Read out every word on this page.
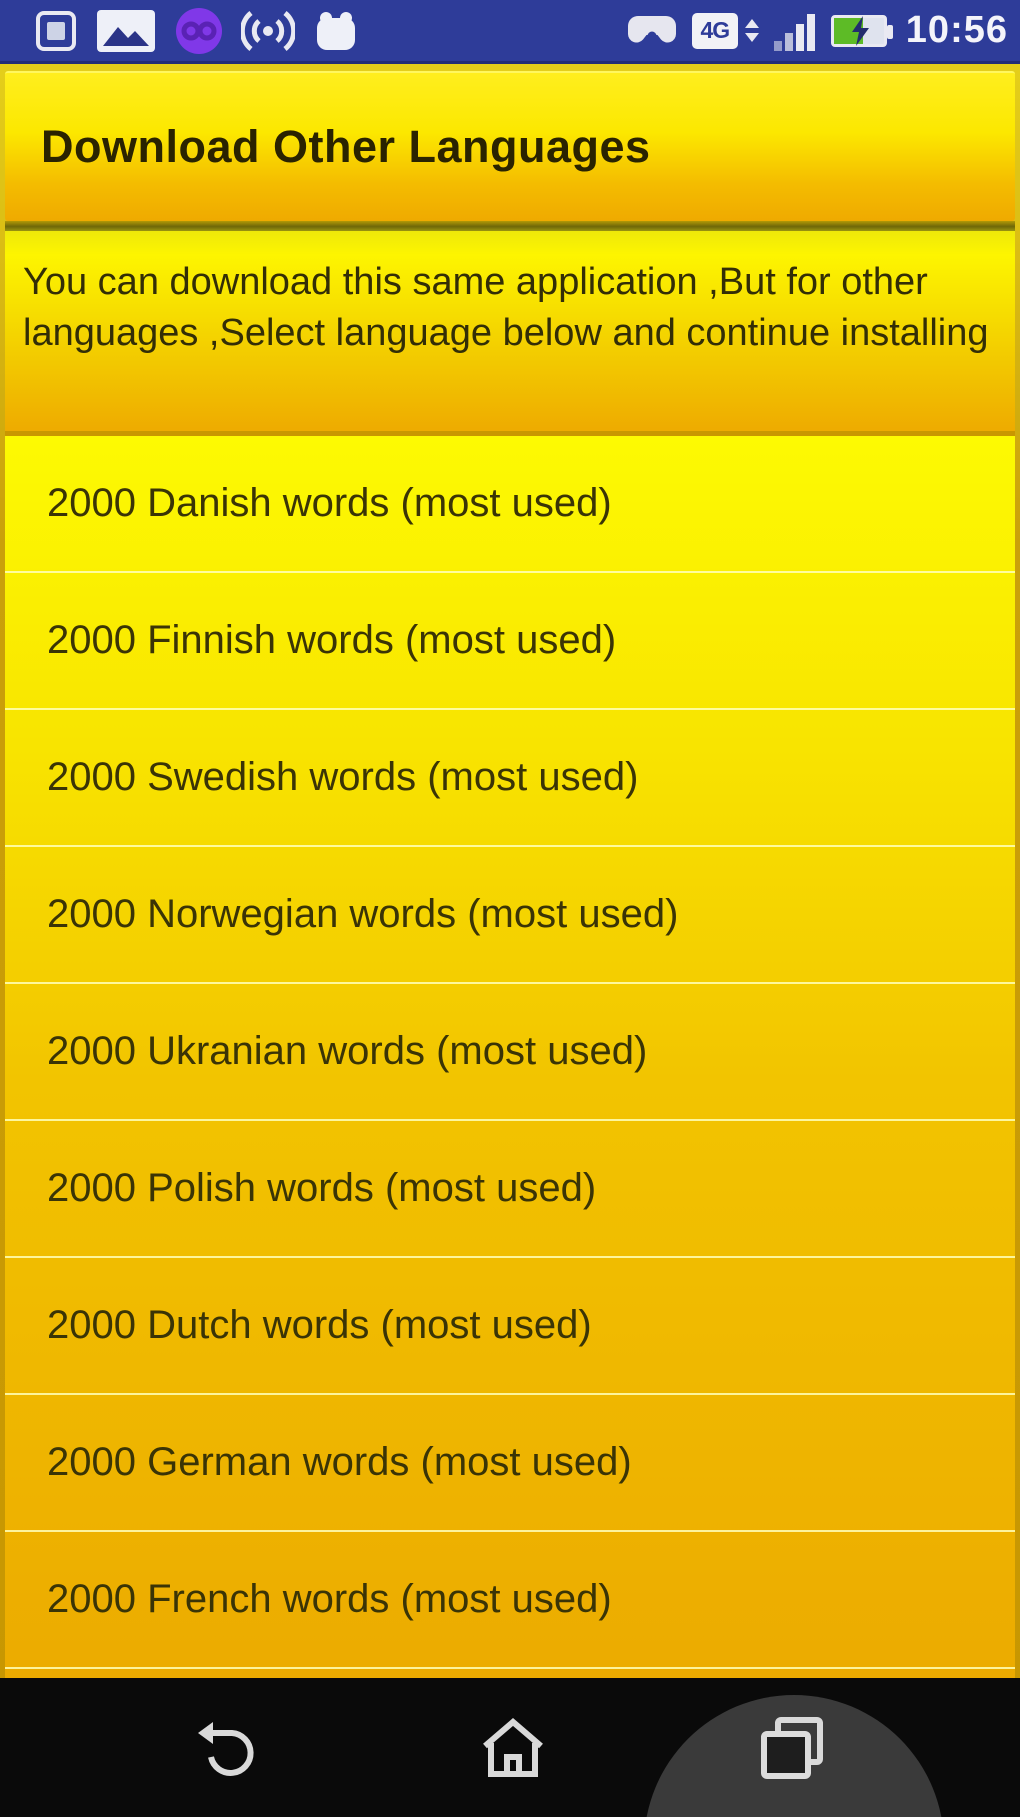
4G	10:56
Download Other Languages

You can download this same application ,But for other languages ,Select language below and continue installing

2000 Danish words (most used)
2000 Finnish words (most used)
2000 Swedish words (most used)
2000 Norwegian words (most used)
2000 Ukranian words (most used)
2000 Polish words (most used)
2000 Dutch words (most used)
2000 German words (most used)
2000 French words (most used)
